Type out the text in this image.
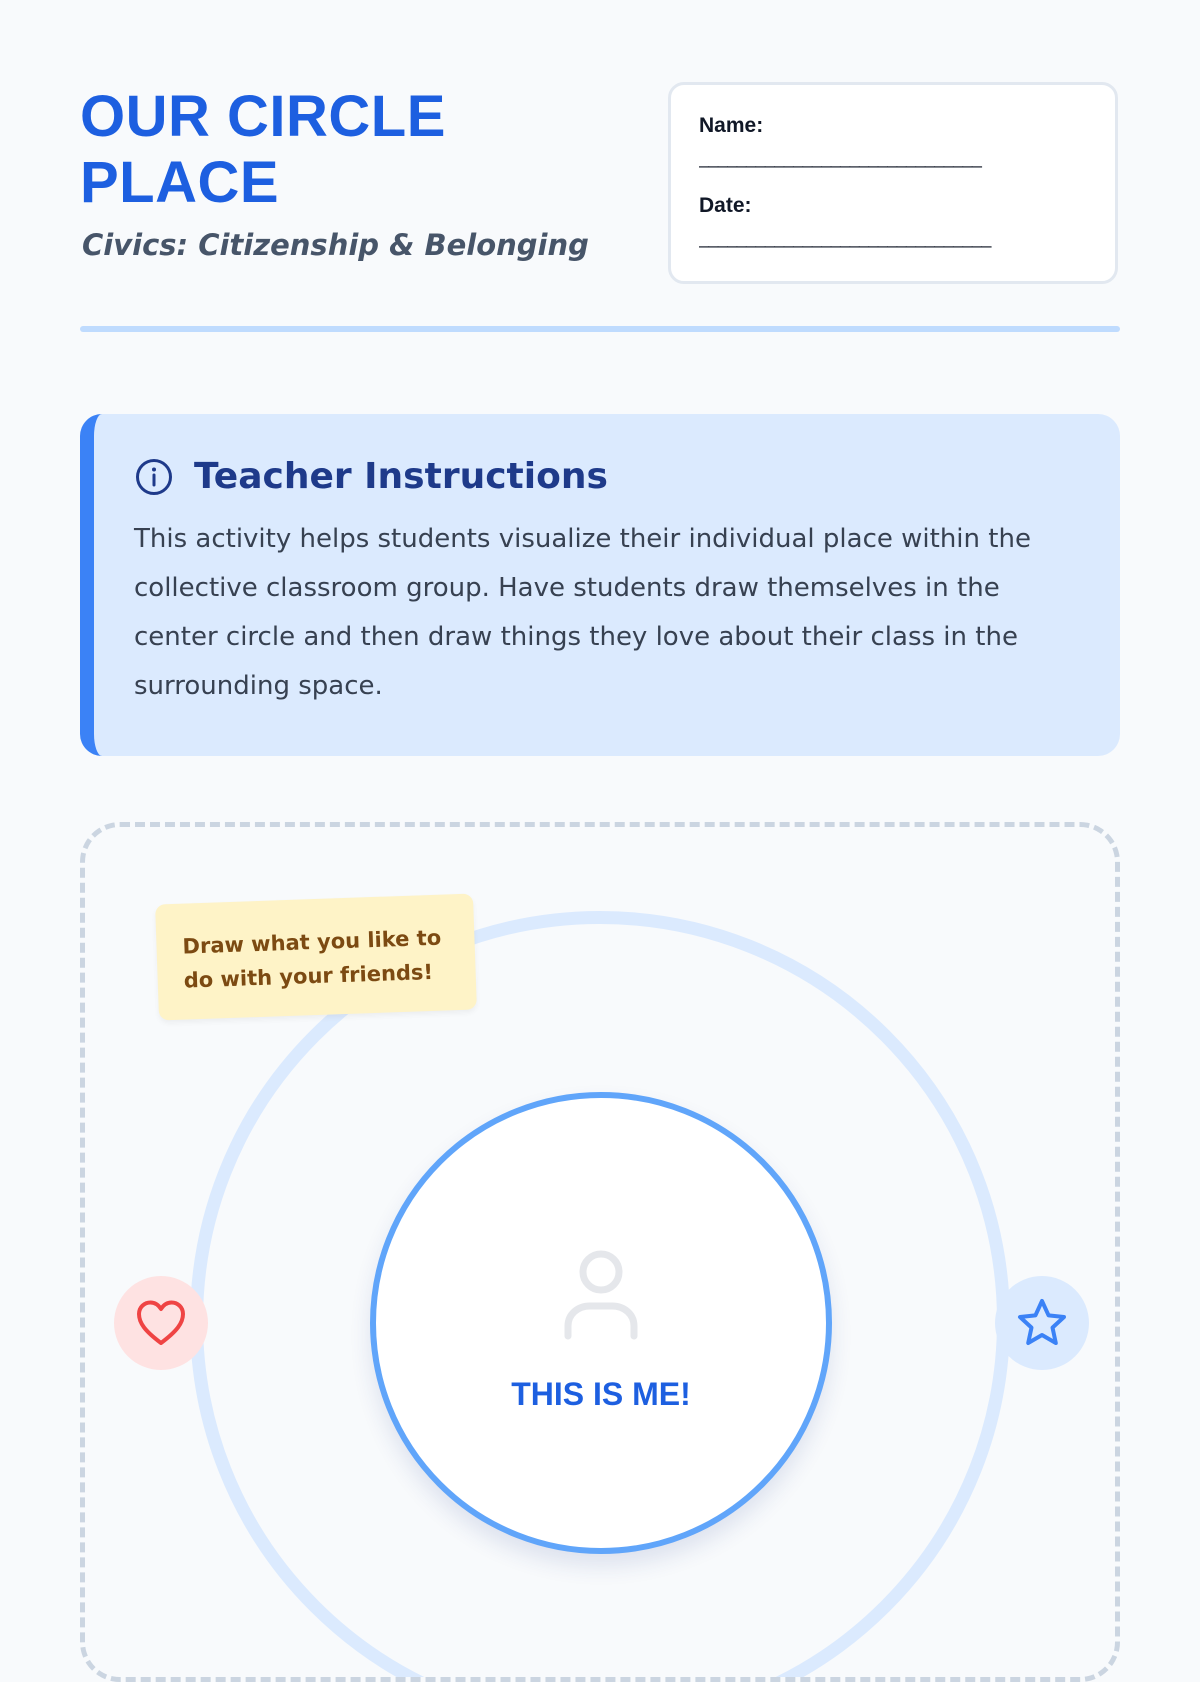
OUR CIRCLE
PLACE
Civics: Citizenship & Belonging
Name:
______________________________
Date:
_______________________________
Teacher Instructions

This activity helps students visualize their individual place within the collective classroom group. Have students draw themselves in the center circle and then draw things they love about their class in the surrounding space.

Draw what you like to do with your friends!
THIS IS ME!
